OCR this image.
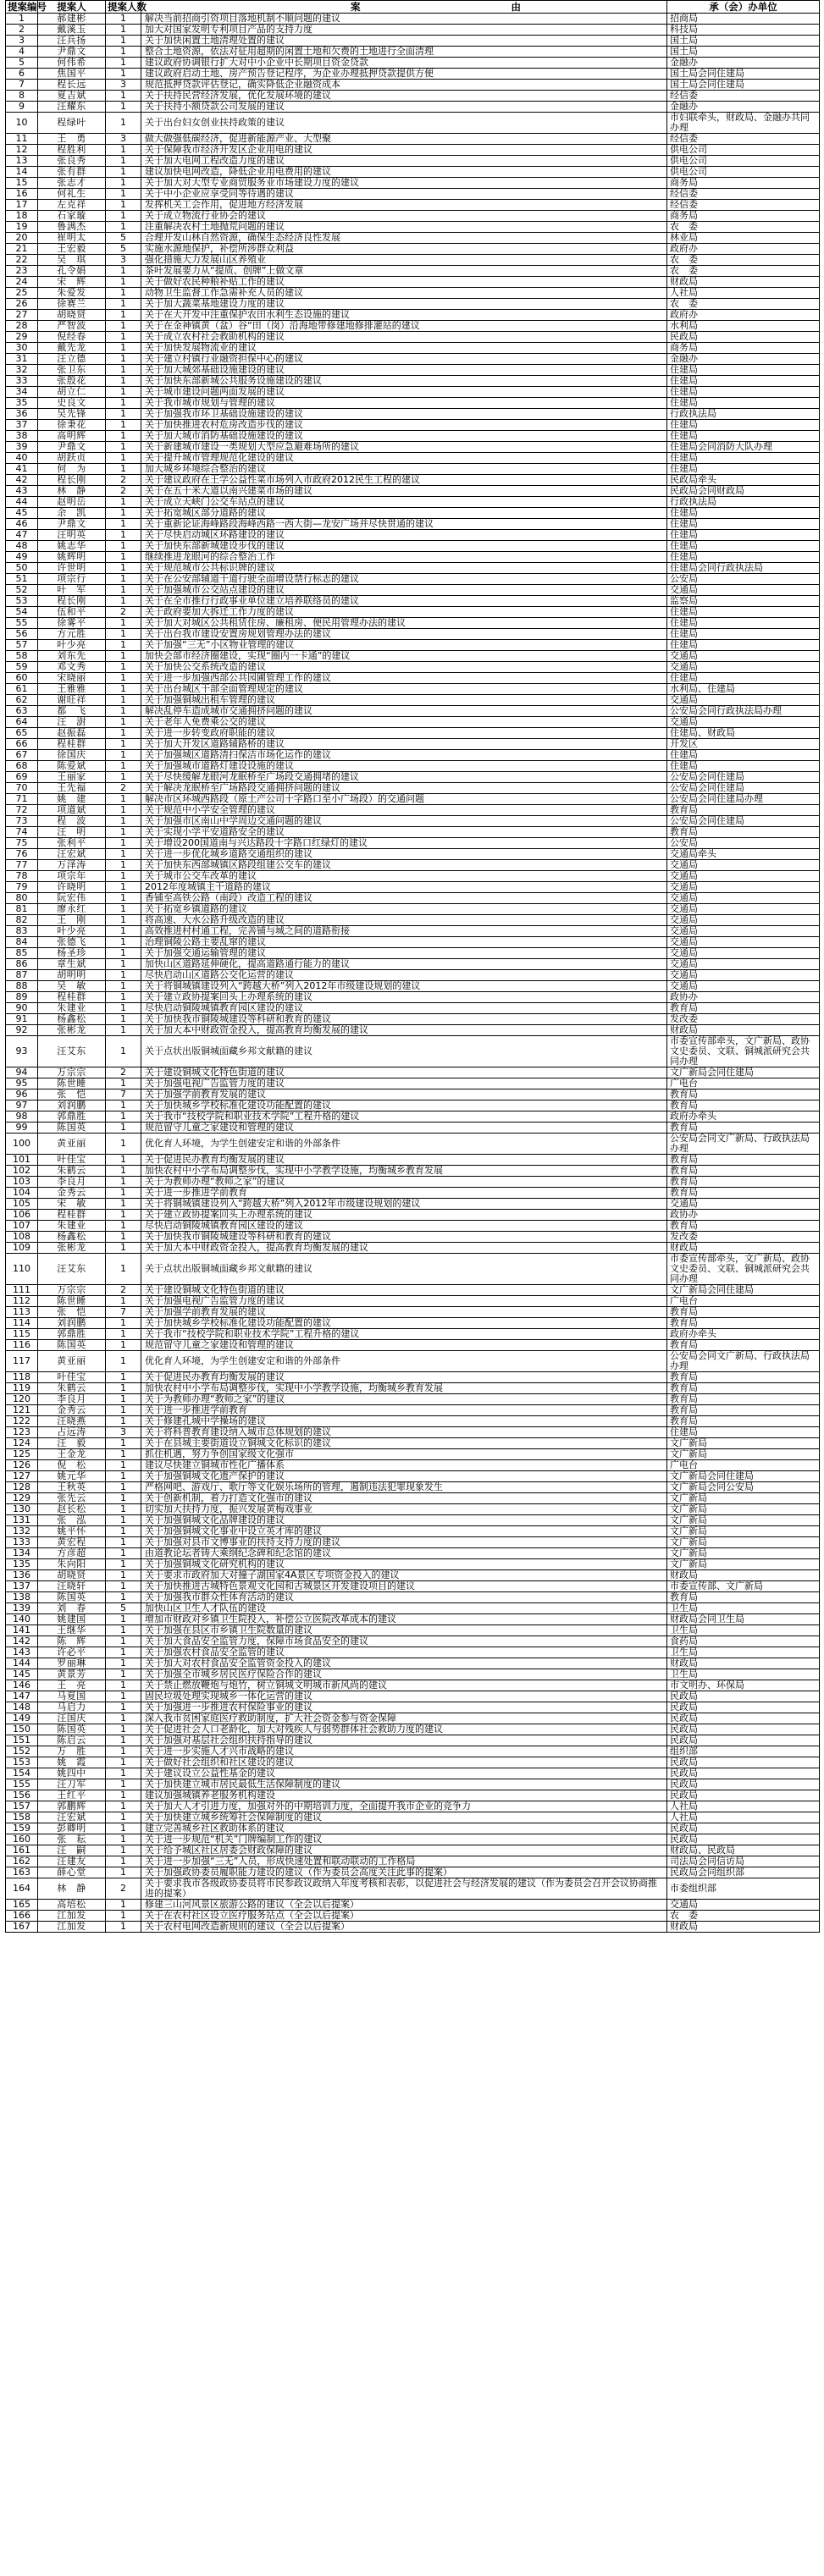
提案编号	提案人	提案人数	案 由	承（会）办单位
1	郝建彬	1	解决当前招商引资项目落地机制不顺问题的建议	招商局
2	戴溪玉	1	加大对国家发明专利项目产品的支持力度	科技局
3	汪兵扬	1	关于加快闲置土地清理处置的建议	国土局
4	尹鼎文	1	整合土地资源，依法对征用超期的闲置土地和欠费的土地进行全面清理	国土局
5	何伟希	1	建议政府协调银行扩大对中小企业中长期项目资金贷款	金融办
6	焦国平	1	建议政府启动土地、房产预告登记程序，为企业办理抵押贷款提供方便	国土局会同住建局
7	程长远	3	规范抵押贷款评估登记，确实降低企业融资成本	国土局会同住建局
8	夏吉斌	1	关于扶持民营经济发展，优化发展环境的建议	经信委
9	汪耀东	1	关于扶持小额贷款公司发展的建议	金融办
10	程绿叶	1	关于出台妇女创业扶持政策的建议	市妇联牵头，财政局、金融办共同办理
11	王　勇	3	做大做强低碳经济，促进新能源产业、大型聚	经信委
12	程胜利	1	关于保障我市经济开发区企业用电的建议	供电公司
13	张良秀	1	关于加大电网工程改造力度的建议	供电公司
14	张有群	1	建议加快电网改造，降低企业用电费用的建议	供电公司
15	张志才	1	关于加大对大型专业商贸服务业市场建设力度的建议	商务局
16	何礼生	1	关于中小企业应享受同等待遇的建议	经信委
17	左克祥	1	发挥机关工会作用，促进地方经济发展	经信委
18	石家璇	1	关于成立物流行业协会的建议	商务局
19	鲁满杰	1	注重解决农村土地抛荒问题的建议	农　委
20	崔明太	5	合理开发山林自然资源，确保生态经济良性发展	林业局
21	王宏毅	5	实施水源地保护，补偿所涉群众利益	政府办
22	吴　琪	3	强化措施大力发展山区养殖业	农　委
23	孔令娟	1	茶叶发展要力从“提质、创牌”上做文章	农　委
24	宋　辉	1	关于做好农民种粮补贴工作的建议	财政局
25	朱爱发	1	动物卫生监督工作急需补充人员的建议	人社局
26	徐赛兰	1	关于加大蔬菜基地建设力度的建议	农　委
27	胡晓贤	1	关于在大开发中注重保护农田水利生态设施的建议	政府办
28	严智波	1	关于在金神镇黄（盆）谷“田（岗）沿海地带修建地修排灌站的建议	水利局
29	倪经春	1	关于成立农村社会救助机构的建议	民政局
30	戴先龙	1	关于加快发展物流业的建议	商务局
31	汪立德	1	关于建立村镇行业融资担保中心的建议	金融办
32	张卫东	1	关于加大城郊基础设施建设的建议	住建局
33	张殷花	1	关于加快东部新城公共服务设施建设的建议	住建局
34	胡立仁	1	关于城市建设问题两面发展的建议	住建局
35	史良文	1	关于我市城市规划与管理的建议	住建局
36	吴先锋	1	关于加强我市环卫基础设施建设的建议	行政执法局
37	徐秉花	1	关于加快推进农村危房改造步伐的建议	住建局
38	高明辉	1	关于加大城市消防基础设施建设的建议	住建局
39	尹鼎文	1	关于新建城市建设一类规划大型应急避难场所的建议	住建局会同消防大队办理
40	胡跃贞	1	关于提升城市管理规范化建设的建议	住建局
41	何　为	1	加大城乡环境综合整治的建议	住建局
42	程长刚	2	关于建议政府在王学公益性菜市场列入市政府2012民生工程的建议	民政局牵头
43	林　静	2	关于在五十米大道以南兴建菜市场的建议	民政局会同财政局
44	赵明岳	1	关于成立天峡门公交车站点的建议	行政执法局
45	余　凯	1	关于拓宽城区部分道路的建议	住建局
46	尹鼎文	1	关于重新论证海峰路段海峰西路一西大街—龙安广场并尽快贯通的建议	住建局
47	汪明英	1	关于尽快启动城区环路建设的建议	住建局
48	姚志华	1	关于加快东部新城建设步伐的建议	住建局
49	姚辉明	1	继续推进龙眼河的综合整治工作	住建局
50	许世明	1	关于规范城市公共标识牌的建议	住建局会同行政执法局
51	项宗行	1	关于在公安部辅道干道行驶全面增设禁行标志的建议	公安局
52	叶　军	1	关于加强城市公交站点建设的建议	交通局
53	程长刚	1	关于在全市推行行政事业单位建立培养联络员的建议	监察局
54	伍和平	2	关于政府要加大拆迁工作力度的建议	住建局
55	徐雾平	1	关于加大对城区公共租赁住房、廉租房、便民用管理办法的建议	住建局
56	方元胜	1	关于出台我市建设安置房规划管理办法的建议	住建局
57	叶少亮	1	关于加强“三无”小区物业管理的建议	住建局
58	刘东先	1	加快会部市经济圈建设，实现“圈内一卡通”的建议	交通局
59	邓文秀	1	关于加快公交系统改造的建议	交通局
60	宋晓丽	1	关于进一步加强西部公共园圃管理工作的建议	住建局
61	王雅雅	1	关于出台城区干部全面管理规定的建议	水利局、住建局
62	谢旺祥	1	关于加强铜城出租车管理的建议	交通局
63	都　飞	1	解决乱停车造成城市交通拥挤问题的建议	公安局会同行政执法局办理
64	汪　澍	1	关于老年人免费乘公交的建议	交通局
65	赵振磊	1	关于进一步转变政府职能的建议	住建局、财政局
66	程桂群	1	关于加大开发区道路辅路桥的建议	开发区
67	徐国庆	1	关于加强城区道路清扫保洁市场化运作的建议	住建局
68	陈爱斌	1	关于加强城市道路灯建设设施的建议	住建局
69	王丽家	1	关于尽快缓解龙眼河龙眠桥至广场段交通拥堵的建议	公安局会同住建局
70	王先福	2	关于解决龙眠桥至广场路段交通拥挤问题的建议	公安局会同住建局
71	姚　建	1	解决市区环城西路段（原土产公司十字路口至小广场段）的交通问题	公安局会同住建局办理
72	项道斌	1	关于规范中小学安全管理的建议	教育局
73	程　波	1	关于加强市区南山中学周边交通问题的建议	公安局会同住建局
74	汪　明	1	关于实现小学平安道路安全的建议	教育局
75	张利平	1	关于增设200国道南与兴达路段十字路口红绿灯的建议	公安局
76	汪宏斌	1	关于进一步优化城乡道路交通组织的建议	交通局牵头
77	万泽涛	1	关于加快东西部城镇区路段组建公交车的建议	交通局
78	项宗年	1	关于城市公交车改革的建议	交通局
79	许晓明	1	2012年度城镇主干道路的建议	交通局
80	阮宏伟	1	香铺至高铁公路（南段）改造工程的建议	交通局
81	廖永红	1	关于拓宽乡镇道路的建议	交通局
82	王　刚	1	将高速、大水公路升级改造的建议	交通局
83	叶少亮	1	高效推进村村通工程，完善铺与城之间的道路衔接	交通局
84	张德飞	1	治理铜陵公路主要乱窜的建议	交通局
85	杨圣珍	1	关于加强交通运输管理的建议	交通局
86	章生斌	1	加快山区道路延伸硬化，提高道路通行能力的建议	交通局
87	胡明明	1	尽快启动山区道路公交化运营的建议	交通局
88	吴　敏	1	关于将铜城镇建设列入“跨越大桥”列入2012年市级建设规划的建议	交通局
89	程桂群	1	关于建立政协提案回头上办理系统的建议	政协办
90	朱建业	1	尽快启动铜陵城镇教育园区建设的建议	教育局
91	杨鑫松	1	关于加快我市铜陵城建设等科研和教育的建议	发改委
92	张彬龙	1	关于加大本中财政资金投入，提高教育均衡发展的建议	财政局
93	汪艾东	1	关于点状出版铜城面藏乡邦文献籍的建议	市委宣传部牵头，文广新局、政协文史委员、文联、铜城派研究会共同办理
94	万宗宗	2	关于建设铜城文化特色街道的建议	文广新局会同住建局
95	陈世睡	1	关于加强电视广告监管力度的建议	广电台
96	张　恺	7	关于加强学前教育发展的建议	教育局
97	刘润鹏	1	关于加快城乡学校标准化建设功能配置的建议	教育局
98	郭鼎胜	1	关于我市“技校学院和职业技术学院”工程升格的建议	政府办牵头
99	陈国英	1	规范留守儿童之家建设和管理的建议	教育局
100	黄亚丽	1	优化育人环境，为学生创建安定和谐的外部条件	公安局会同文广新局、行政执法局办理
101	叶佳宝	1	关于促进民办教育均衡发展的建议	教育局
102	朱鹤云	1	加快农村中小学布局调整步伐，实现中小学教学设施，均衡城乡教育发展	教育局
103	李良月	1	关于为教师办理“教师之家”的建议	教育局
104	金秀云	1	关于进一步推进学前教育	教育局
105	宋　敏	1	关于将铜城镇建设列入“跨越大桥”列入2012年市级建设规划的建议	交通局
106	程桂群	1	关于建立政协提案回头上办理系统的建议	政协办
107	朱建业	1	尽快启动铜陵城镇教育园区建设的建议	教育局
108	杨鑫松	1	关于加快我市铜陵城建设等科研和教育的建议	发改委
109	张彬龙	1	关于加大本中财政资金投入，提高教育均衡发展的建议	财政局
110	汪艾东	1	关于点状出版铜城面藏乡邦文献籍的建议	市委宣传部牵头，文广新局、政协文史委员、文联、铜城派研究会共同办理
111	万宗宗	2	关于建设铜城文化特色街道的建议	文广新局会同住建局
112	陈世睡	1	关于加强电视广告监管力度的建议	广电台
113	张　恺	7	关于加强学前教育发展的建议	教育局
114	刘润鹏	1	关于加快城乡学校标准化建设功能配置的建议	教育局
115	郭鼎胜	1	关于我市“技校学院和职业技术学院”工程升格的建议	政府办牵头
116	陈国英	1	规范留守儿童之家建设和管理的建议	教育局
117	黄亚丽	1	优化育人环境，为学生创建安定和谐的外部条件	公安局会同文广新局、行政执法局办理
118	叶佳宝	1	关于促进民办教育均衡发展的建议	教育局
119	朱鹤云	1	加快农村中小学布局调整步伐，实现中小学教学设施，均衡城乡教育发展	教育局
120	李良月	1	关于为教师办理“教师之家”的建议	教育局
121	金秀云	1	关于进一步推进学前教育	教育局
122	汪晓燕	1	关于修建孔城中学操场的建议	教育局
123	占远涛	3	关于将科普教育建设纳入城市总体规划的建议	住建局
124	汪　毅	1	关于在县城主要街道设立铜城文化标识的建议	文广新局
125	王金龙	1	抓住机遇，努力争创国家级文化强市	文广新局
126	倪　松	1	建议尽快建立铜城市性化广播体系	广电台
127	姚元华	1	关于加强铜城文化遗产保护的建议	文广新局会同住建局
128	王秋英	1	严格网吧、游戏厅、歌厅等文化娱乐场所的管理，遏制违法犯罪现象发生	文广新局会同公安局
129	张先云	1	关于创新机制，着力打造文化强市的建议	文广新局
130	赵长松	1	切实加大扶持力度，振兴发展黄梅戏事业	文广新局
131	张　泓	1	关于加强铜城文化品牌建设的建议	文广新局
132	姚平怀	1	关于加强铜城文化事业中设立英才库的建议	文广新局
133	黄宏程	1	关于加强对县市文博事业的扶持支持力度的建议	文广新局
134	方彦超	1	由道教论坛者铸大乘纲纪念碑和纪念馆的建议	文广新局
135	朱向阳	1	关于加强铜城文化研究机构的建议	文广新局
136	胡晓贤	1	关于要求市政府加大对撞子湖国家4A景区专项资金投入的建议	财政局
137	汪晓轩	1	关于加快推进古城特色景观文化园和古城景区开发建设项目的建议	市委宣传部、文广新局
138	陈国英	1	关于加强我市群众性体育活动的建议	教育局
139	刘　春	5	加快山区卫生人才队伍的建设	卫生局
140	姚建国	1	增加市财政对乡镇卫生院投入，补偿公立医院改革成本的建议	财政局会同卫生局
141	王继华	1	关于加强在县区市乡镇卫生院数量的建议	卫生局
142	陈　辉	1	关于加大食品安全监管力度，保障市场食品安全的建议	食药局
143	许必平	1	关于加强农村食品安全监管的建议	卫生局
144	罗丽琳	1	关于加大对农村食品安全监管资金投入的建议	财政局
145	黄景芳	1	关于加强全市城乡居民医疗保险合作的建议	卫生局
146	王　亮	1	关于禁止燃放鞭炮与炮竹，树立铜城文明城市新风尚的建议	市文明办、环保局
147	马夏国	1	固民垃圾处理实现城乡一体化运营的建议	民政局
148	马启力	1	关于加强进一步推进农村保险事业的建议	民政局
149	汪国庆	1	深入我市贫困家庭医疗救助制度，扩大社会资金参与资金保障	民政局
150	陈国英	1	关于促进社会人口老龄化，加大对残疾人与弱势群体社会救助力度的建议	民政局
151	陈启云	1	关于加强对基层社会组织扶持指导的建议	民政局
152	万　胜	1	关于进一步实施人才兴市战略的建议	组织部
153	姚　霞	1	关于做好社会组织和社区建设的建议	民政局
154	姚四中	1	关于建议设立公益性基金的建议	民政局
155	汪刀军	1	关于加快建立城市居民最低生活保障制度的建议	民政局
156	王红平	1	建议加强城镇养老服务机构建设	民政局
157	郭鹏辉	1	关于加大人才引进力度，加强对外的中期培训力度，全面提升我市企业的竞争力	人社局
158	汪宏斌	1	关于加快建立城乡统筹社会保障制度的建议	人社局
159	彭卿明	1	建立完善城乡社区救助体系的建议	民政局
160	张　耘	1	关于进一步规范“机关”门牌编制工作的建议	民政局
161	汪　嗣	1	关于给予城区社区居委会财政保障的建议	财政局、民政局
162	汪建友	1	关于进一步加强“三无”人员，形成快速处置和联动联动的工作格局	司法局会同信访局
163	薛心堂	1	关于加强政协委员履职能力建设的建议（作为委员会高度关注此事的提案）	民政局会同组织部
164	林　静	2	关于要求我市各级政协委员将市民参政议政纳入年度考核和表彰，以促进社会与经济发展的建议（作为委员会召开会议协商推进的提案）	市委组织部
165	高培松	1	修建三山河风景区旅游公路的建议（全会以后提案）	交通局
166	江加发	1	关于在农村社区设立医疗服务站点（全会以后提案）	农　委
167	江加发	1	关于农村电网改造新规则的建议（全会以后提案）	财政局
